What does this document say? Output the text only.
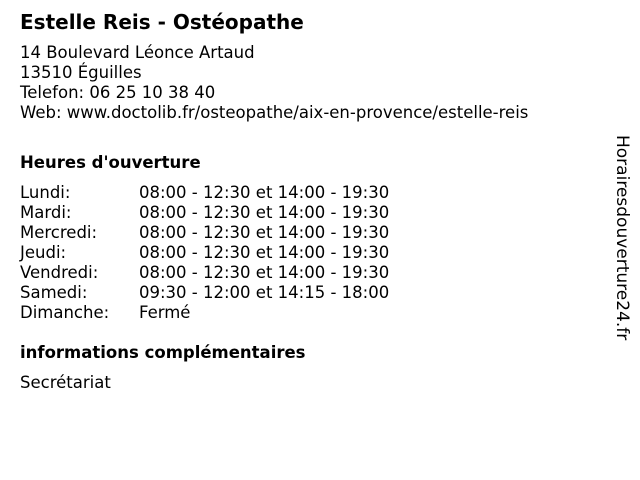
Estelle Reis - Ostéopathe
14 Boulevard Léonce Artaud
13510 Éguilles
Telefon: 06 25 10 38 40
Web: www.doctolib.fr/osteopathe/aix-en-provence/estelle-reis
Heures d'ouverture
Lundi:	08:00 - 12:30 et 14:00 - 19:30
Mardi:	08:00 - 12:30 et 14:00 - 19:30
Mercredi:	08:00 - 12:30 et 14:00 - 19:30
Jeudi:	08:00 - 12:30 et 14:00 - 19:30
Vendredi:	08:00 - 12:30 et 14:00 - 19:30
Samedi:	09:30 - 12:00 et 14:15 - 18:00
Dimanche:	Fermé
informations complémentaires
Secrétariat
Horairesdouverture24.fr
